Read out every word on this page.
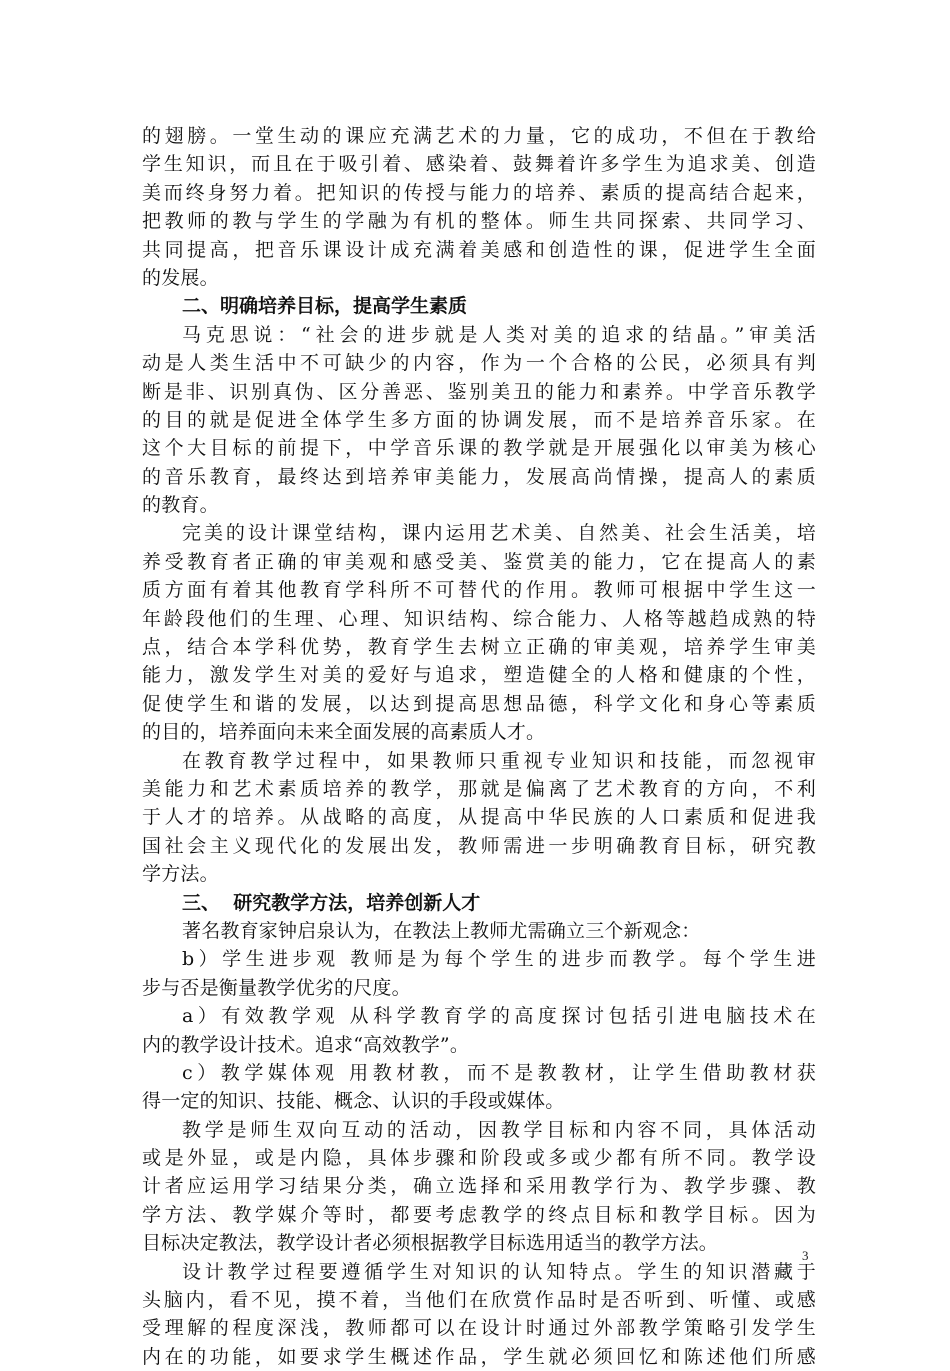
的翅膀。一堂生动的课应充满艺术的力量，它的成功，不但在于教给
学生知识，而且在于吸引着、感染着、鼓舞着许多学生为追求美、创造
美而终身努力着。把知识的传授与能力的培养、素质的提高结合起来，
把教师的教与学生的学融为有机的整体。师生共同探索、共同学习、
共同提高，把音乐课设计成充满着美感和创造性的课，促进学生全面
的发展。
二、明确培养目标，提高学生素质
马克思说：“社会的进步就是人类对美的追求的结晶。”审美活
动是人类生活中不可缺少的内容，作为一个合格的公民，必须具有判
断是非、识别真伪、区分善恶、鉴别美丑的能力和素养。中学音乐教学
的目的就是促进全体学生多方面的协调发展，而不是培养音乐家。在
这个大目标的前提下，中学音乐课的教学就是开展强化以审美为核心
的音乐教育，最终达到培养审美能力，发展高尚情操，提高人的素质
的教育。
完美的设计课堂结构，课内运用艺术美、自然美、社会生活美，培
养受教育者正确的审美观和感受美、鉴赏美的能力，它在提高人的素
质方面有着其他教育学科所不可替代的作用。教师可根据中学生这一
年龄段他们的生理、心理、知识结构、综合能力、人格等越趋成熟的特
点，结合本学科优势，教育学生去树立正确的审美观，培养学生审美
能力，激发学生对美的爱好与追求，塑造健全的人格和健康的个性，
促使学生和谐的发展，以达到提高思想品德，科学文化和身心等素质
的目的，培养面向未来全面发展的高素质人才。
在教育教学过程中，如果教师只重视专业知识和技能，而忽视审
美能力和艺术素质培养的教学，那就是偏离了艺术教育的方向，不利
于人才的培养。从战略的高度，从提高中华民族的人口素质和促进我
国社会主义现代化的发展出发，教师需进一步明确教育目标，研究教
学方法。
三、  研究教学方法，培养创新人才
著名教育家钟启泉认为，在教法上教师尤需确立三个新观念：
b）学生进步观 教师是为每个学生的进步而教学。每个学生进
步与否是衡量教学优劣的尺度。
a）有效教学观 从科学教育学的高度探讨包括引进电脑技术在
内的教学设计技术。追求“高效教学”。
c）教学媒体观 用教材教，而不是教教材，让学生借助教材获
得一定的知识、技能、概念、认识的手段或媒体。
教学是师生双向互动的活动，因教学目标和内容不同，具体活动
或是外显，或是内隐，具体步骤和阶段或多或少都有所不同。教学设
计者应运用学习结果分类，确立选择和采用教学行为、教学步骤、教
学方法、教学媒介等时，都要考虑教学的终点目标和教学目标。因为
目标决定教法，教学设计者必须根据教学目标选用适当的教学方法。
设计教学过程要遵循学生对知识的认知特点。学生的知识潜藏于
头脑内，看不见，摸不着，当他们在欣赏作品时是否听到、听懂、或感
受理解的程度深浅，教师都可以在设计时通过外部教学策略引发学生
内在的功能，如要求学生概述作品，学生就必须回忆和陈述他们所感
3
